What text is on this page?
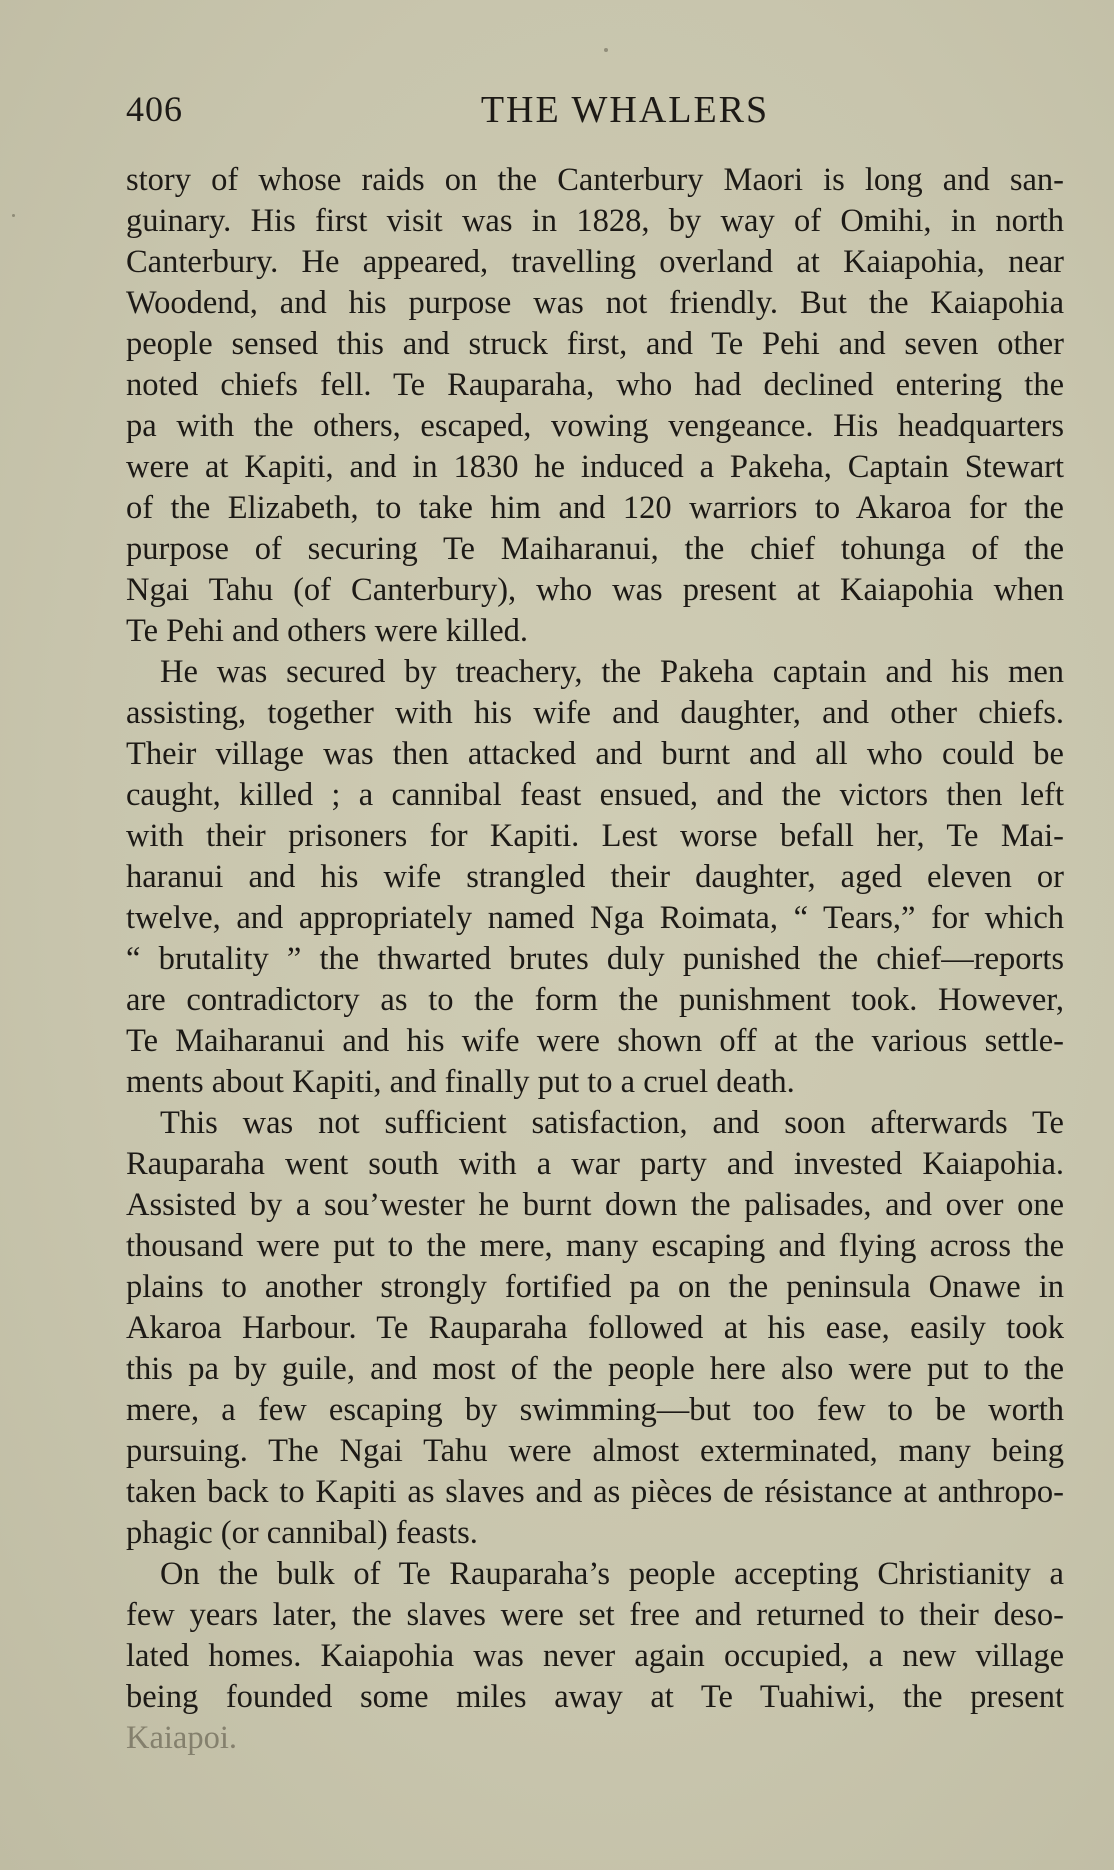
406	THE WHALERS
story of whose raids on the Canterbury Maori is long and san-
guinary. His first visit was in 1828, by way of Omihi, in north
Canterbury. He appeared, travelling overland at Kaiapohia, near
Woodend, and his purpose was not friendly. But the Kaiapohia
people sensed this and struck first, and Te Pehi and seven other
noted chiefs fell. Te Rauparaha, who had declined entering the
pa with the others, escaped, vowing vengeance. His headquarters
were at Kapiti, and in 1830 he induced a Pakeha, Captain Stewart
of the Elizabeth, to take him and 120 warriors to Akaroa for the
purpose of securing Te Maiharanui, the chief tohunga of the
Ngai Tahu (of Canterbury), who was present at Kaiapohia when
Te Pehi and others were killed.
He was secured by treachery, the Pakeha captain and his men
assisting, together with his wife and daughter, and other chiefs.
Their village was then attacked and burnt and all who could be
caught, killed ; a cannibal feast ensued, and the victors then left
with their prisoners for Kapiti. Lest worse befall her, Te Mai-
haranui and his wife strangled their daughter, aged eleven or
twelve, and appropriately named Nga Roimata, “ Tears,” for which
“ brutality ” the thwarted brutes duly punished the chief—reports
are contradictory as to the form the punishment took. However,
Te Maiharanui and his wife were shown off at the various settle-
ments about Kapiti, and finally put to a cruel death.
This was not sufficient satisfaction, and soon afterwards Te
Rauparaha went south with a war party and invested Kaiapohia.
Assisted by a sou’wester he burnt down the palisades, and over one
thousand were put to the mere, many escaping and flying across the
plains to another strongly fortified pa on the peninsula Onawe in
Akaroa Harbour. Te Rauparaha followed at his ease, easily took
this pa by guile, and most of the people here also were put to the
mere, a few escaping by swimming—but too few to be worth
pursuing. The Ngai Tahu were almost exterminated, many being
taken back to Kapiti as slaves and as pièces de résistance at anthropo-
phagic (or cannibal) feasts.
On the bulk of Te Rauparaha’s people accepting Christianity a
few years later, the slaves were set free and returned to their deso-
lated homes. Kaiapohia was never again occupied, a new village
being founded some miles away at Te Tuahiwi, the present
Kaiapoi.
